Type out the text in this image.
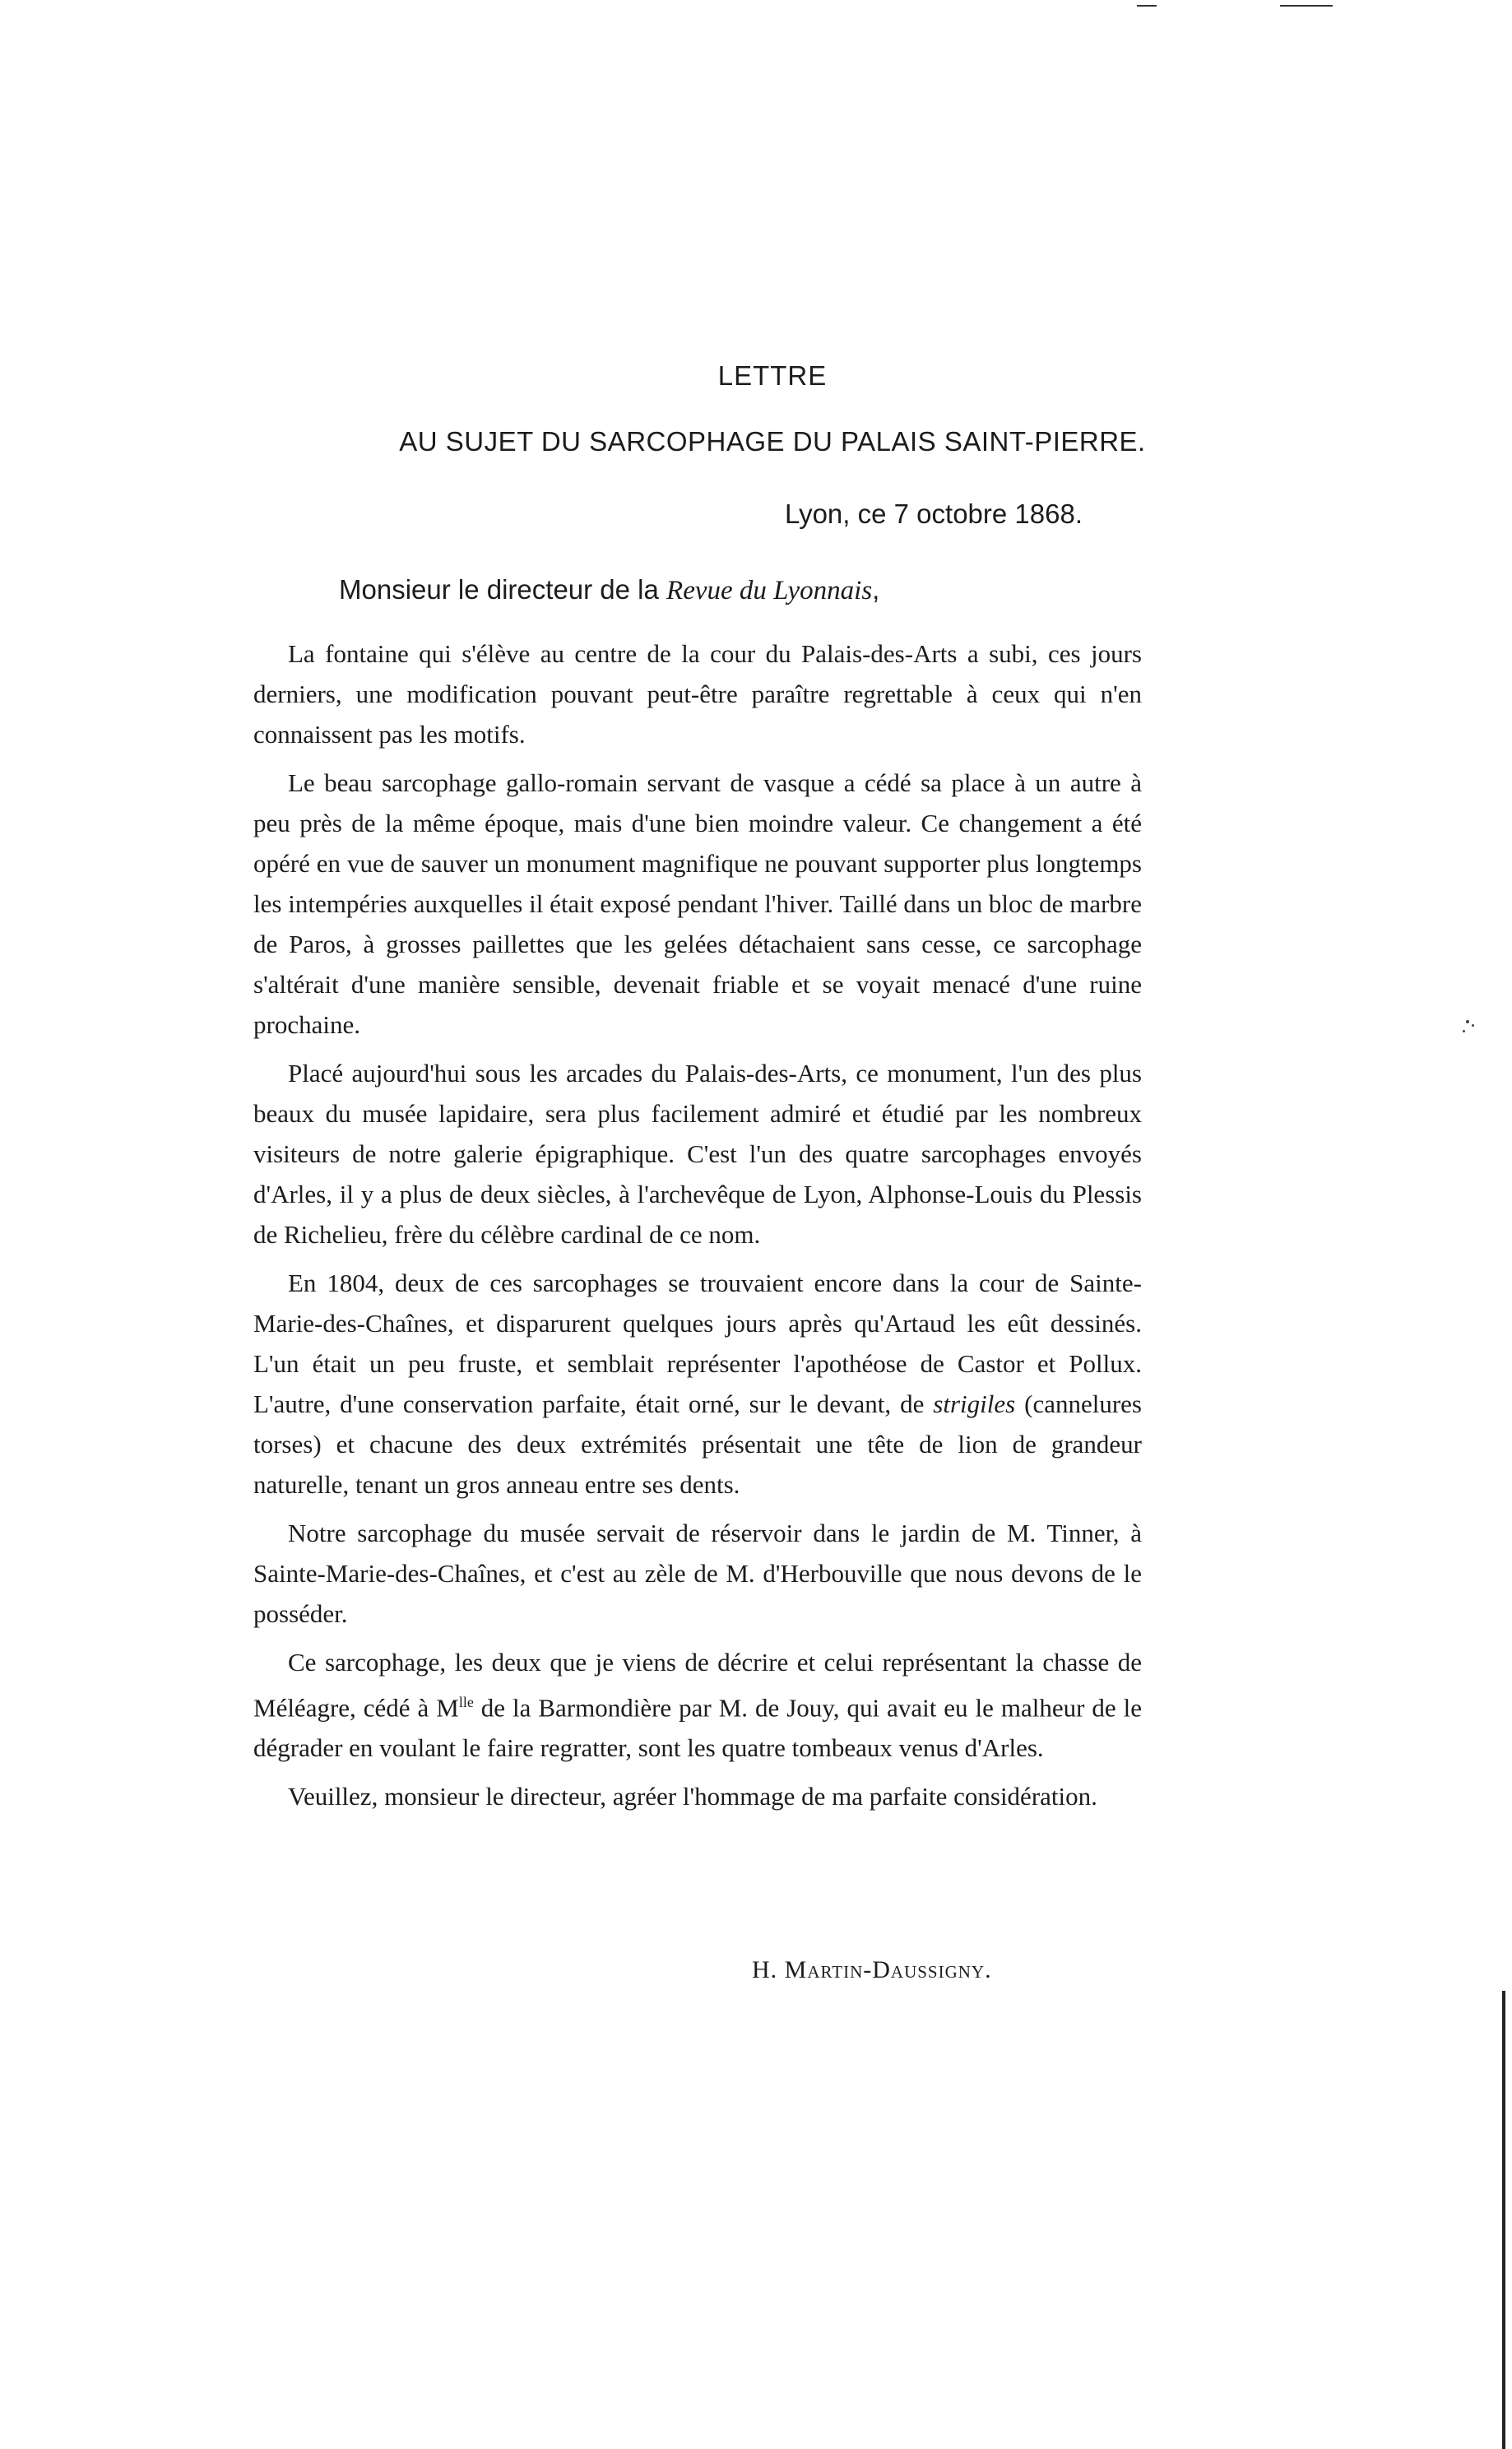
LETTRE
AU SUJET DU SARCOPHAGE DU PALAIS SAINT-PIERRE.
Lyon, ce 7 octobre 1868.
Monsieur le directeur de la Revue du Lyonnais,

La fontaine qui s'élève au centre de la cour du Palais-des-Arts a subi, ces jours derniers, une modification pouvant peut-être paraître regrettable à ceux qui n'en connaissent pas les motifs.

Le beau sarcophage gallo-romain servant de vasque a cédé sa place à un autre à peu près de la même époque, mais d'une bien moindre valeur. Ce changement a été opéré en vue de sauver un monument magnifique ne pouvant supporter plus longtemps les intempéries auxquelles il était exposé pendant l'hiver. Taillé dans un bloc de marbre de Paros, à grosses paillettes que les gelées détachaient sans cesse, ce sarcophage s'altérait d'une manière sensible, devenait friable et se voyait menacé d'une ruine prochaine.

Placé aujourd'hui sous les arcades du Palais-des-Arts, ce monument, l'un des plus beaux du musée lapidaire, sera plus facilement admiré et étudié par les nombreux visiteurs de notre galerie épigraphique. C'est l'un des quatre sarcophages envoyés d'Arles, il y a plus de deux siècles, à l'archevêque de Lyon, Alphonse-Louis du Plessis de Richelieu, frère du célèbre cardinal de ce nom.

En 1804, deux de ces sarcophages se trouvaient encore dans la cour de Sainte-Marie-des-Chaînes, et disparurent quelques jours après qu'Artaud les eût dessinés. L'un était un peu fruste, et semblait représenter l'apothéose de Castor et Pollux. L'autre, d'une conservation parfaite, était orné, sur le devant, de strigiles (cannelures torses) et chacune des deux extrémités présentait une tête de lion de grandeur naturelle, tenant un gros anneau entre ses dents.

Notre sarcophage du musée servait de réservoir dans le jardin de M. Tinner, à Sainte-Marie-des-Chaînes, et c'est au zèle de M. d'Herbouville que nous devons de le posséder.

Ce sarcophage, les deux que je viens de décrire et celui représentant la chasse de Méléagre, cédé à $M^{lle}$ de la Barmondière par M. de Jouy, qui avait eu le malheur de le dégrader en voulant le faire regratter, sont les quatre tombeaux venus d'Arles.

Veuillez, monsieur le directeur, agréer l'hommage de ma parfaite considération.

H. Martin-Daussigny.
